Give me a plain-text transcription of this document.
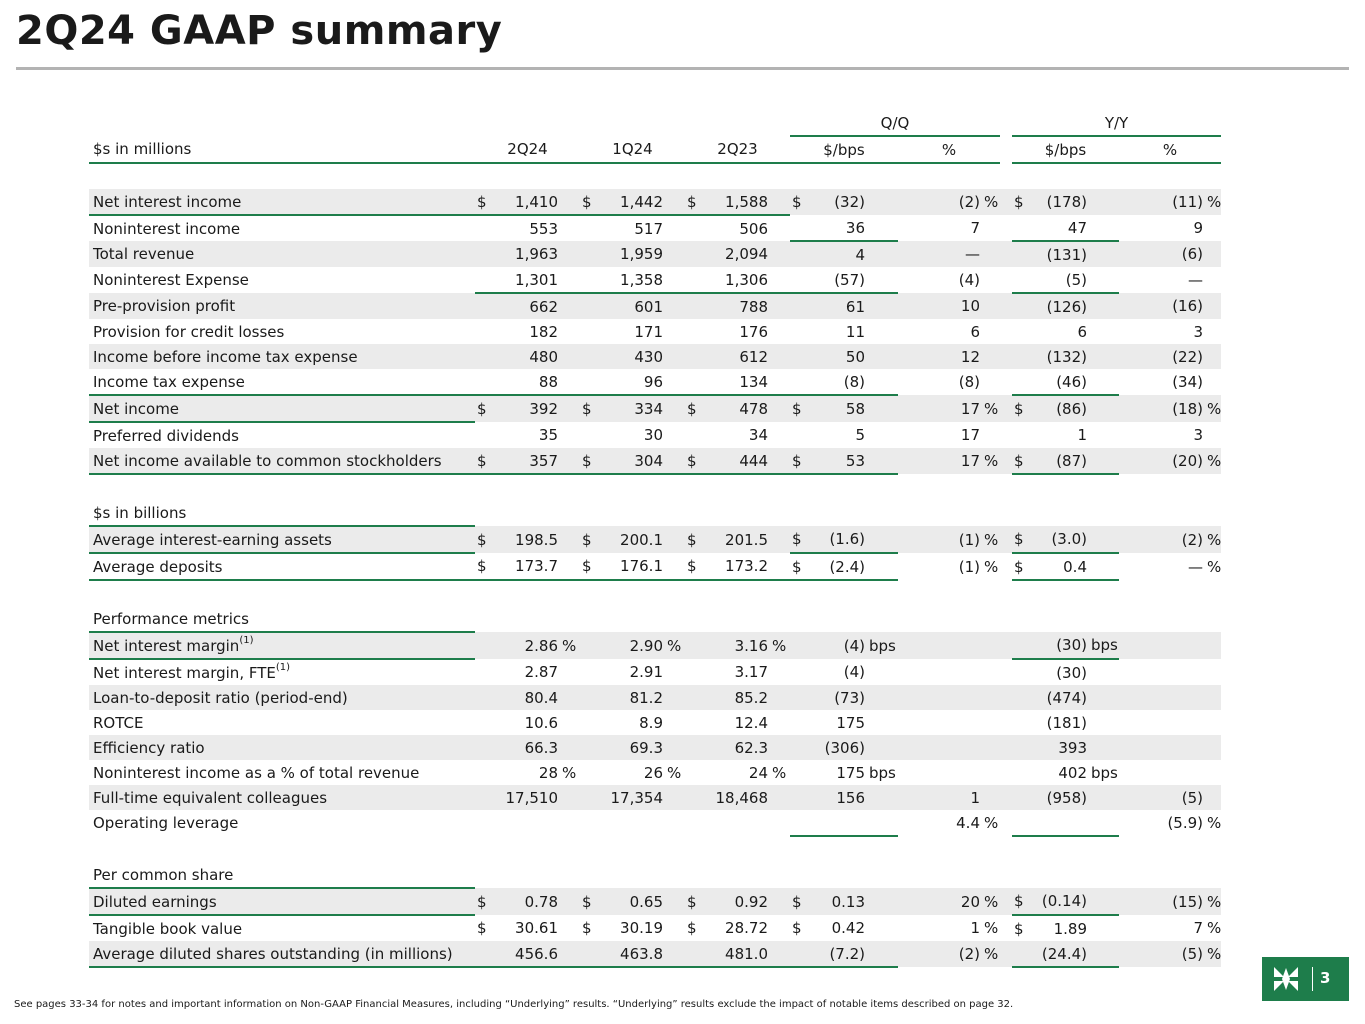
2Q24 GAAP summary
										Q/Q						Y/Y				
$s in millions	2Q24			1Q24			2Q23			$/bps			%			$/bps			%	

Net interest income	$	1,410		$	1,442		$	1,588		$	(32)		(2)	%		$	(178)		(11)	%
Noninterest income		553			517			506			36		7				47		9	
Total revenue		1,963			1,959			2,094			4		—				(131)		(6)	
Noninterest Expense		1,301			1,358			1,306			(57)		(4)				(5)		—	
Pre-provision profit		662			601			788			61		10				(126)		(16)	
Provision for credit losses		182			171			176			11		6				6		3	
Income before income tax expense		480			430			612			50		12				(132)		(22)	
Income tax expense		88			96			134			(8)		(8)				(46)		(34)	
Net income	$	392		$	334		$	478		$	58		17	%		$	(86)		(18)	%
Preferred dividends		35			30			34			5		17				1		3	
Net income available to common stockholders	$	357		$	304		$	444		$	53		17	%		$	(87)		(20)	%

$s in billions																				
Average interest-earning assets	$	198.5		$	200.1		$	201.5		$	(1.6)		(1)	%		$	(3.0)		(2)	%
Average deposits	$	173.7		$	176.1		$	173.2		$	(2.4)		(1)	%		$	0.4		—	%

Performance metrics																				
Net interest margin$^{(1)}$		2.86	%		2.90	%		3.16	%		(4)	bps					(30)	bps		
Net interest margin, FTE$^{(1)}$		2.87			2.91			3.17			(4)						(30)			
Loan-to-deposit ratio (period-end)		80.4			81.2			85.2			(73)						(474)			
ROTCE		10.6			8.9			12.4			175						(181)			
Efficiency ratio		66.3			69.3			62.3			(306)						393			
Noninterest income as a % of total revenue		28	%		26	%		24	%		175	bps					402	bps		
Full-time equivalent colleagues		17,510			17,354			18,468			156		1				(958)		(5)	
Operating leverage													4.4	%					(5.9)	%

Per common share																				
Diluted earnings	$	0.78		$	0.65		$	0.92		$	0.13		20	%		$	(0.14)		(15)	%
Tangible book value	$	30.61		$	30.19		$	28.72		$	0.42		1	%		$	1.89		7	%
Average diluted shares outstanding (in millions)		456.6			463.8			481.0			(7.2)		(2)	%			(24.4)		(5)	%
See pages 33-34 for notes and important information on Non-GAAP Financial Measures, including “Underlying” results. “Underlying” results exclude the impact of notable items described on page 32.
3
